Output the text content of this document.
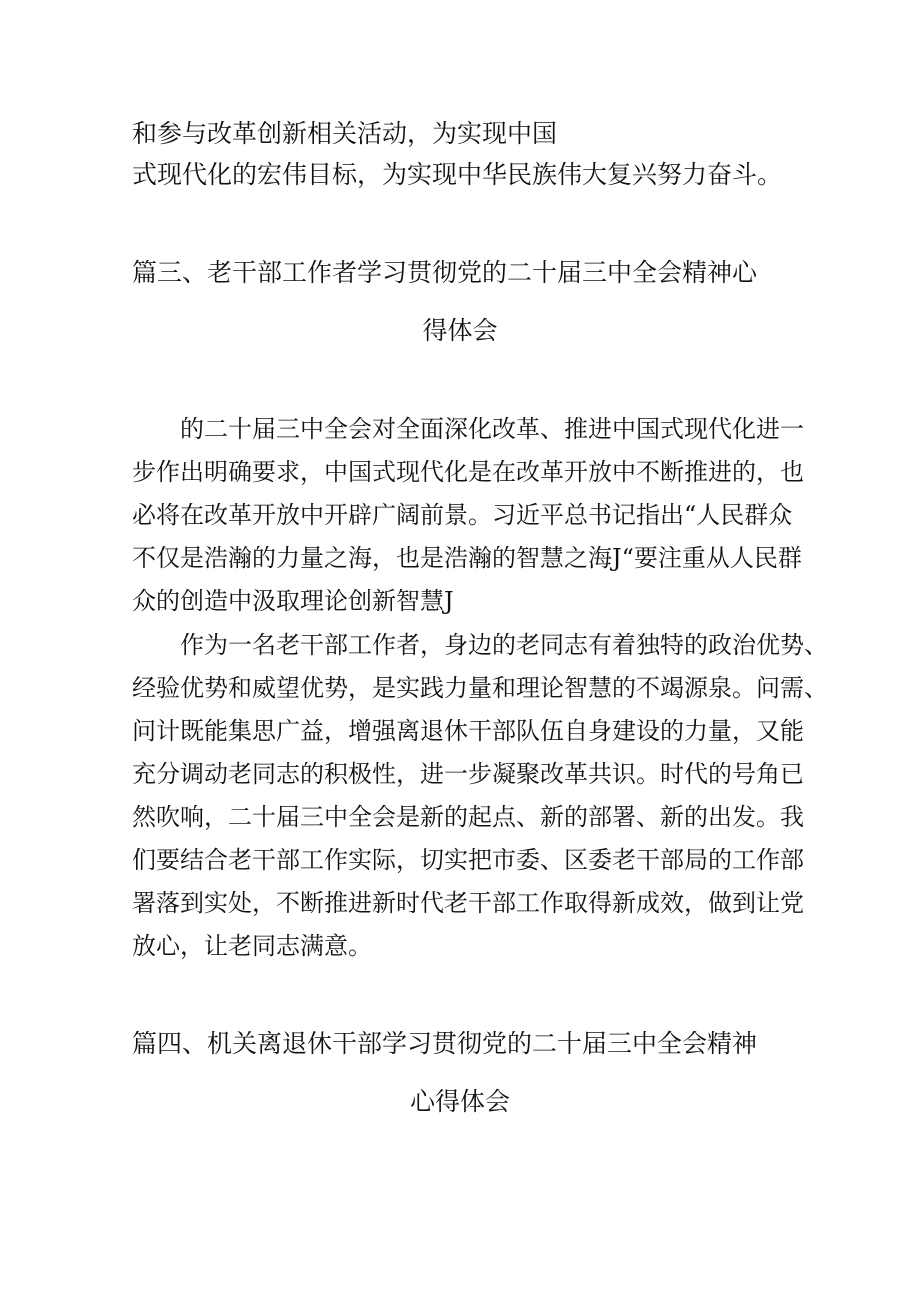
和参与改革创新相关活动，为实现中国
式现代化的宏伟目标，为实现中华民族伟大复兴努力奋斗。
篇三、老干部工作者学习贯彻党的二十届三中全会精神心
得体会
的二十届三中全会对全面深化改革、推进中国式现代化进一
步作出明确要求，中国式现代化是在改革开放中不断推进的，也
必将在改革开放中开辟广阔前景。习近平总书记指出“人民群众
不仅是浩瀚的力量之海，也是浩瀚的智慧之海J“要注重从人民群
众的创造中汲取理论创新智慧J
作为一名老干部工作者，身边的老同志有着独特的政治优势、
经验优势和威望优势，是实践力量和理论智慧的不竭源泉。问需、
问计既能集思广益，增强离退休干部队伍自身建设的力量，又能
充分调动老同志的积极性，进一步凝聚改革共识。时代的号角已
然吹响，二十届三中全会是新的起点、新的部署、新的出发。我
们要结合老干部工作实际，切实把市委、区委老干部局的工作部
署落到实处，不断推进新时代老干部工作取得新成效，做到让党
放心，让老同志满意。
篇四、机关离退休干部学习贯彻党的二十届三中全会精神
心得体会
